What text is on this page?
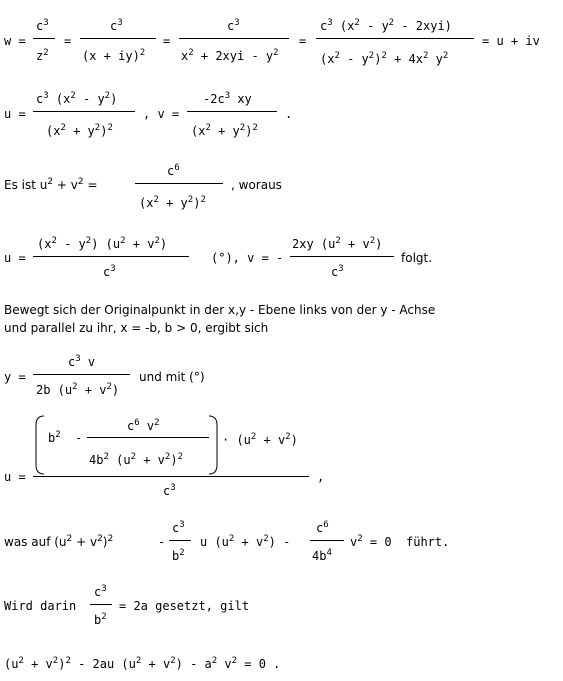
w =
$c^3$
$z^2$
=
$c^3$
(x + iy)$^2$
=
$c^3$
$x^2 + 2xyi - y^2$
=
$c^3$ $(x^2 - y^2 - 2xyi)$
$(x^2 - y^2)^2 + 4x^2$ $y^2$
= u + iv
u =
$c^3$ $(x^2 - y^2)$
$(x^2 + y^2)^2$
, v =
$-2c^3$ xy
$(x^2 + y^2)^2$
.
Es ist $u^2 + v^2$ =
$c^6$
$(x^2 + y^2)^2$
, woraus
u =
$(x^2 - y^2) (u^2 + v^2)$
$c^3$
(°), v = -
2xy $(u^2 + v^2)$
$c^3$
folgt.
Bewegt sich der Originalpunkt in der x,y - Ebene links von der y - Achse
und parallel zu ihr, x = -b, b > 0, ergibt sich
y =
$c^3$ v
2b $(u^2 + v^2)$
und mit (°)
u =
$b^2$ -
$c^6$ $v^2$
$4b^2$ $(u^2 + v^2)^2$
· $(u^2 + v^2)$
$c^3$
,
was auf $(u^2 + v^2)^2$	-
$c^3$
$b^2$
u $(u^2 + v^2)$ -
$c^6$
$4b^4$
$v^2 = 0$  führt.
Wird darin
$c^3$
$b^2$
= 2a gesetzt, gilt
$(u^2 + v^2)^2 - 2au$ $(u^2 + v^2) - a^2$ $v^2 = 0$ .
